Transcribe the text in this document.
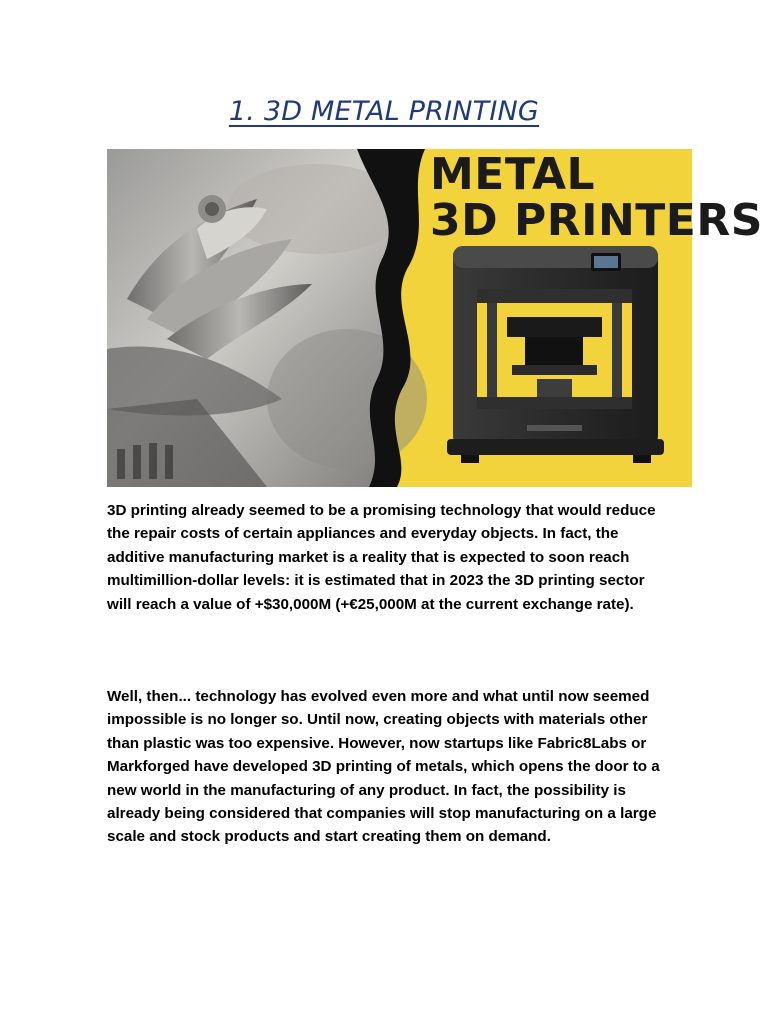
1. 3D METAL PRINTING
METAL
3D PRINTERS

3D printing already seemed to be a promising technology that would reduce the repair costs of certain appliances and everyday objects. In fact, the additive manufacturing market is a reality that is expected to soon reach multimillion-dollar levels: it is estimated that in 2023 the 3D printing sector will reach a value of +$30,000M (+€25,000M at the current exchange rate).

Well, then... technology has evolved even more and what until now seemed impossible is no longer so. Until now, creating objects with materials other than plastic was too expensive. However, now startups like Fabric8Labs or Markforged have developed 3D printing of metals, which opens the door to a new world in the manufacturing of any product. In fact, the possibility is already being considered that companies will stop manufacturing on a large scale and stock products and start creating them on demand.
